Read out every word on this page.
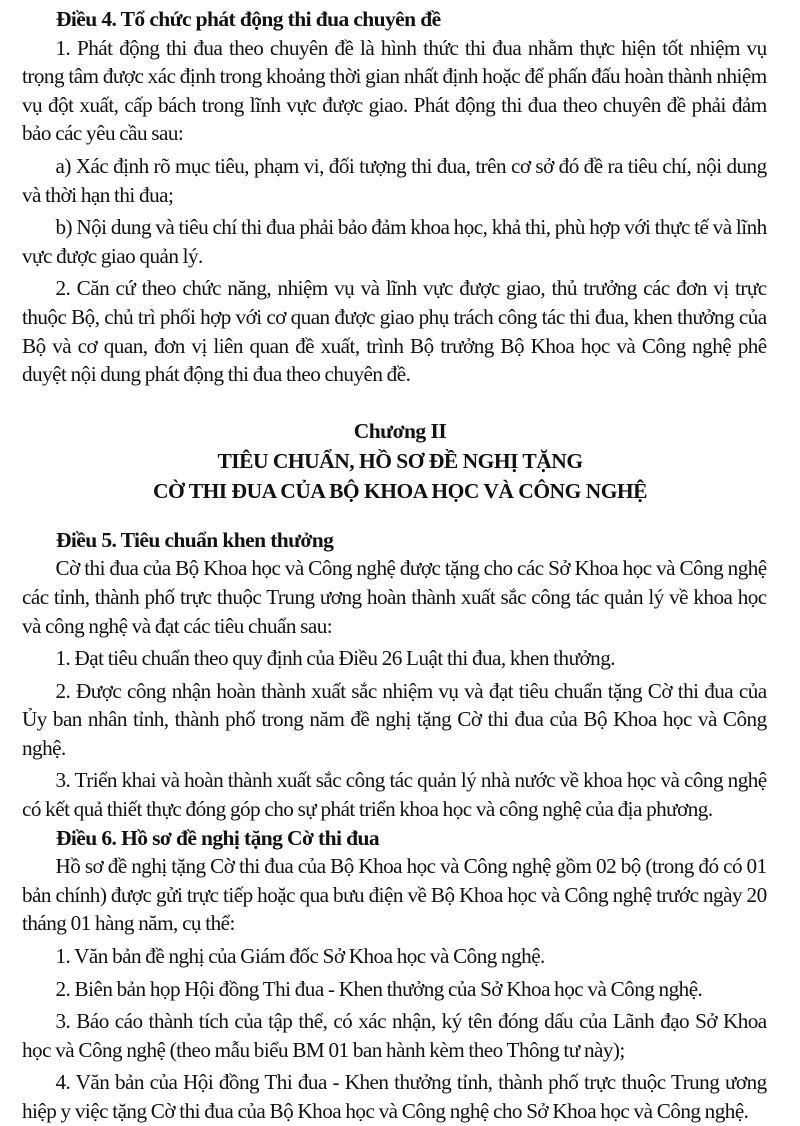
Điều 4. Tổ chức phát động thi đua chuyên đề

1. Phát động thi đua theo chuyên đề là hình thức thi đua nhằm thực hiện tốt nhiệm vụ trọng tâm được xác định trong khoảng thời gian nhất định hoặc để phấn đấu hoàn thành nhiệm vụ đột xuất, cấp bách trong lĩnh vực được giao. Phát động thi đua theo chuyên đề phải đảm bảo các yêu cầu sau:

a) Xác định rõ mục tiêu, phạm vi, đối tượng thi đua, trên cơ sở đó đề ra tiêu chí, nội dung và thời hạn thi đua;

b) Nội dung và tiêu chí thi đua phải bảo đảm khoa học, khả thi, phù hợp với thực tế và lĩnh vực được giao quản lý.

2. Căn cứ theo chức năng, nhiệm vụ và lĩnh vực được giao, thủ trưởng các đơn vị trực thuộc Bộ, chủ trì phối hợp với cơ quan được giao phụ trách công tác thi đua, khen thưởng của Bộ và cơ quan, đơn vị liên quan đề xuất, trình Bộ trưởng Bộ Khoa học và Công nghệ phê duyệt nội dung phát động thi đua theo chuyên đề.

Chương II
TIÊU CHUẨN, HỒ SƠ ĐỀ NGHỊ TẶNG
CỜ THI ĐUA CỦA BỘ KHOA HỌC VÀ CÔNG NGHỆ

Điều 5. Tiêu chuẩn khen thưởng

Cờ thi đua của Bộ Khoa học và Công nghệ được tặng cho các Sở Khoa học và Công nghệ các tỉnh, thành phố trực thuộc Trung ương hoàn thành xuất sắc công tác quản lý về khoa học và công nghệ và đạt các tiêu chuẩn sau:

1. Đạt tiêu chuẩn theo quy định của Điều 26 Luật thi đua, khen thưởng.

2. Được công nhận hoàn thành xuất sắc nhiệm vụ và đạt tiêu chuẩn tặng Cờ thi đua của Ủy ban nhân tỉnh, thành phố trong năm đề nghị tặng Cờ thi đua của Bộ Khoa học và Công nghệ.

3. Triển khai và hoàn thành xuất sắc công tác quản lý nhà nước về khoa học và công nghệ có kết quả thiết thực đóng góp cho sự phát triển khoa học và công nghệ của địa phương.

Điều 6. Hồ sơ đề nghị tặng Cờ thi đua

Hồ sơ đề nghị tặng Cờ thi đua của Bộ Khoa học và Công nghệ gồm 02 bộ (trong đó có 01 bản chính) được gửi trực tiếp hoặc qua bưu điện về Bộ Khoa học và Công nghệ trước ngày 20 tháng 01 hàng năm, cụ thể:

1. Văn bản đề nghị của Giám đốc Sở Khoa học và Công nghệ.

2. Biên bản họp Hội đồng Thi đua - Khen thưởng của Sở Khoa học và Công nghệ.

3. Báo cáo thành tích của tập thể, có xác nhận, ký tên đóng dấu của Lãnh đạo Sở Khoa học và Công nghệ (theo mẫu biểu BM 01 ban hành kèm theo Thông tư này);

4. Văn bản của Hội đồng Thi đua - Khen thưởng tỉnh, thành phố trực thuộc Trung ương hiệp y việc tặng Cờ thi đua của Bộ Khoa học và Công nghệ cho Sở Khoa học và Công nghệ.
